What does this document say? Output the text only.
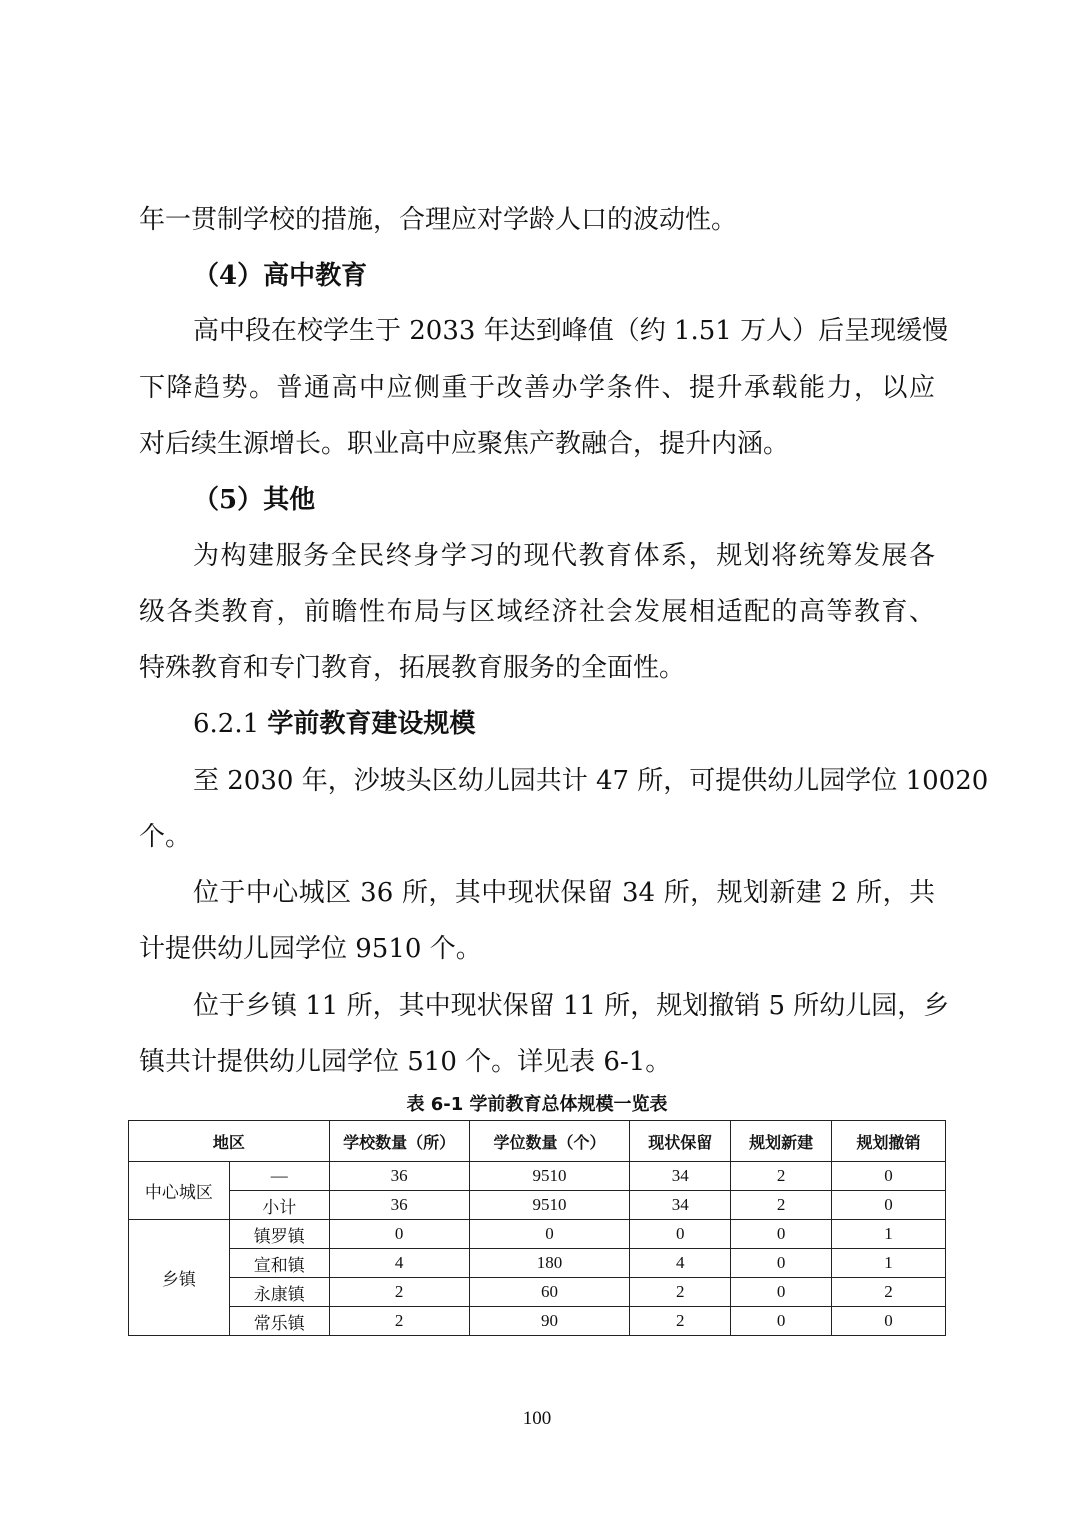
年一贯制学校的措施，合理应对学龄人口的波动性。
（4）高中教育
高中段在校学生于 2033 年达到峰值（约 1.51 万人）后呈现缓慢
下降趋势。普通高中应侧重于改善办学条件、提升承载能力，以应
对后续生源增长。职业高中应聚焦产教融合，提升内涵。
（5）其他
为构建服务全民终身学习的现代教育体系，规划将统筹发展各
级各类教育，前瞻性布局与区域经济社会发展相适配的高等教育、
特殊教育和专门教育，拓展教育服务的全面性。
6.2.1 学前教育建设规模
至 2030 年，沙坡头区幼儿园共计 47 所，可提供幼儿园学位 10020
个。
位于中心城区 36 所，其中现状保留 34 所，规划新建 2 所，共
计提供幼儿园学位 9510 个。
位于乡镇 11 所，其中现状保留 11 所，规划撤销 5 所幼儿园，乡
镇共计提供幼儿园学位 510 个。详见表 6-1。
表 6-1 学前教育总体规模一览表
地区		学校数量（所）	学位数量（个）	现状保留	规划新建	规划撤销
中心城区	—	36	9510	34	2	0
	小计	36	9510	34	2	0
乡镇	镇罗镇	0	0	0	0	1
	宣和镇	4	180	4	0	1
	永康镇	2	60	2	0	2
	常乐镇	2	90	2	0	0
100
